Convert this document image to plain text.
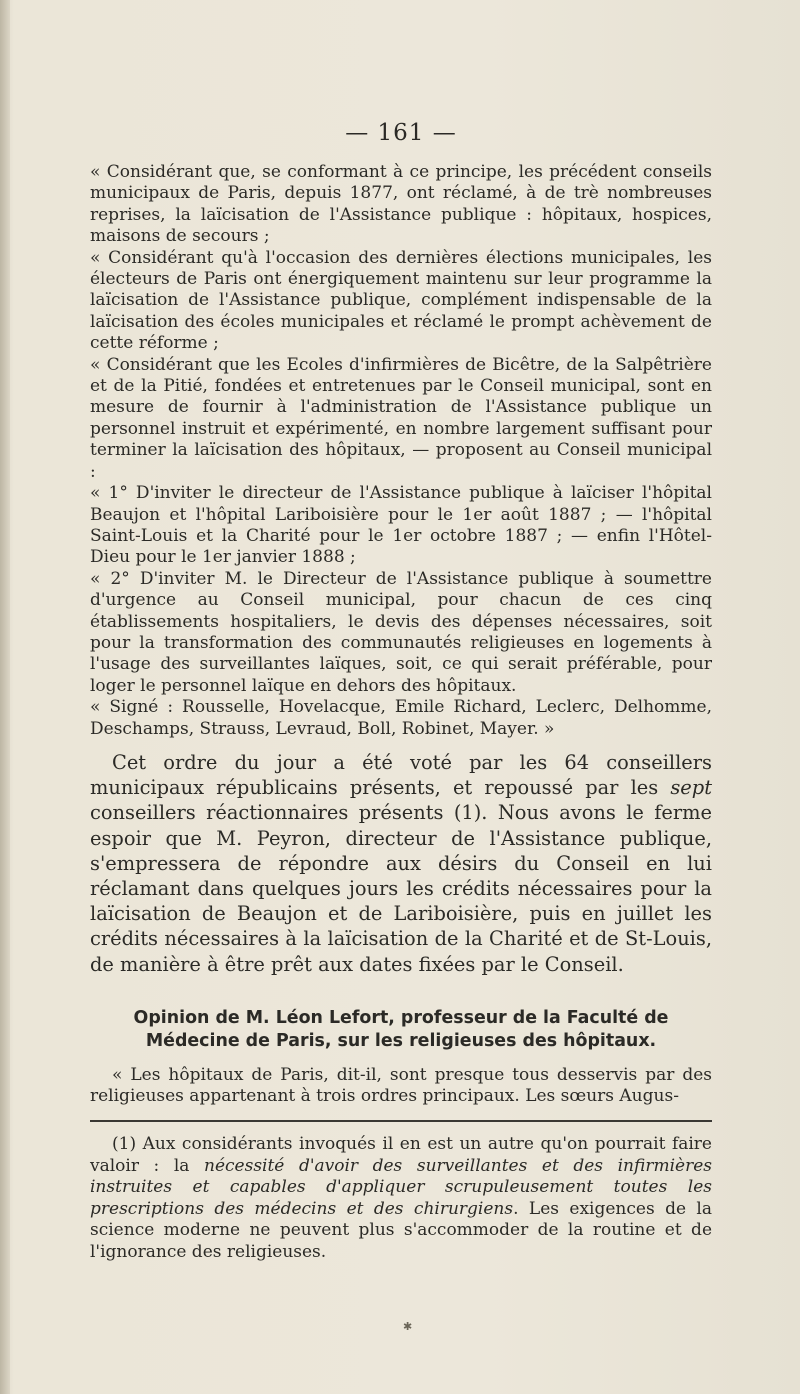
— 161 —

« Considérant que, se conformant à ce principe, les précédent conseils municipaux de Paris, depuis 1877, ont réclamé, à de trè nombreuses reprises, la laïcisation de l'Assistance publique : hôpitaux, hospices, maisons de secours ;

« Considérant qu'à l'occasion des dernières élections municipales, les électeurs de Paris ont énergiquement maintenu sur leur programme la laïcisation de l'Assistance publique, complément indispensable de la laïcisation des écoles municipales et réclamé le prompt achèvement de cette réforme ;

« Considérant que les Ecoles d'infirmières de Bicêtre, de la Salpêtrière et de la Pitié, fondées et entretenues par le Conseil municipal, sont en mesure de fournir à l'administration de l'Assistance publique un personnel instruit et expérimenté, en nombre largement suffisant pour terminer la laïcisation des hôpitaux, — proposent au Conseil municipal :

« 1° D'inviter le directeur de l'Assistance publique à laïciser l'hôpital Beaujon et l'hôpital Lariboisière pour le 1er août 1887 ; — l'hôpital Saint-Louis et la Charité pour le 1er octobre 1887 ; — enfin l'Hôtel-Dieu pour le 1er janvier 1888 ;

« 2° D'inviter M. le Directeur de l'Assistance publique à soumettre d'urgence au Conseil municipal, pour chacun de ces cinq établissements hospitaliers, le devis des dépenses nécessaires, soit pour la transformation des communautés religieuses en logements à l'usage des surveillantes laïques, soit, ce qui serait préférable, pour loger le personnel laïque en dehors des hôpitaux.

« Signé : Rousselle, Hovelacque, Emile Richard, Leclerc, Delhomme, Deschamps, Strauss, Levraud, Boll, Robinet, Mayer. »

Cet ordre du jour a été voté par les 64 conseillers municipaux républicains présents, et repoussé par les sept conseillers réactionnaires présents (1). Nous avons le ferme espoir que M. Peyron, directeur de l'Assistance publique, s'empressera de répondre aux désirs du Conseil en lui réclamant dans quelques jours les crédits nécessaires pour la laïcisation de Beaujon et de Lariboisière, puis en juillet les crédits nécessaires à la laïcisation de la Charité et de St-Louis, de manière à être prêt aux dates fixées par le Conseil.

Opinion de M. Léon Lefort, professeur de la Faculté de Médecine de Paris, sur les religieuses des hôpitaux.

« Les hôpitaux de Paris, dit-il, sont presque tous desservis par des religieuses appartenant à trois ordres principaux. Les sœurs Augus-

(1) Aux considérants invoqués il en est un autre qu'on pourrait faire valoir : la nécessité d'avoir des surveillantes et des infirmières instruites et capables d'appliquer scrupuleusement toutes les prescriptions des médecins et des chirurgiens. Les exigences de la science moderne ne peuvent plus s'accommoder de la routine et de l'ignorance des religieuses.

✱
